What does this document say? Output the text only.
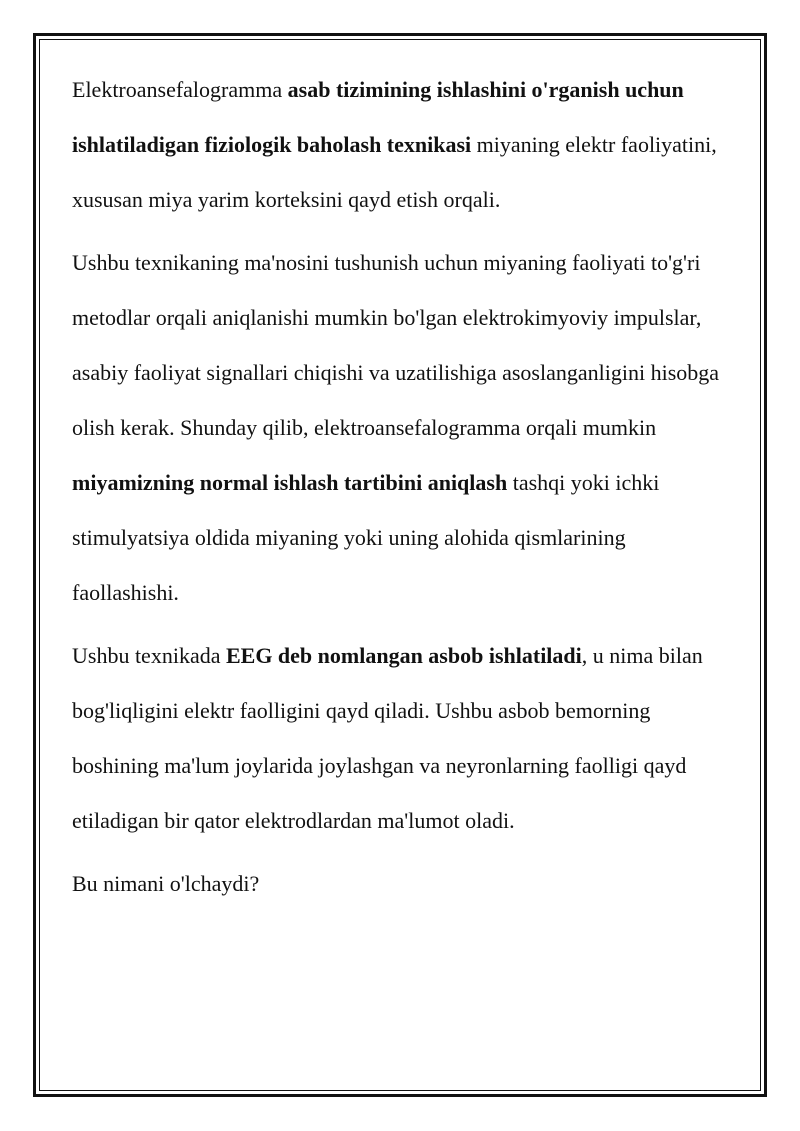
Elektroansefalogramma asab tizimining ishlashini o'rganish uchun ishlatiladigan fiziologik baholash texnikasi miyaning elektr faoliyatini, xususan miya yarim korteksini qayd etish orqali.

Ushbu texnikaning ma'nosini tushunish uchun miyaning faoliyati to'g'ri metodlar orqali aniqlanishi mumkin bo'lgan elektrokimyoviy impulslar, asabiy faoliyat signallari chiqishi va uzatilishiga asoslanganligini hisobga olish kerak. Shunday qilib, elektroansefalogramma orqali mumkin miyamizning normal ishlash tartibini aniqlash tashqi yoki ichki stimulyatsiya oldida miyaning yoki uning alohida qismlarining faollashishi.

Ushbu texnikada EEG deb nomlangan asbob ishlatiladi, u nima bilan bog'liqligini elektr faolligini qayd qiladi. Ushbu asbob bemorning boshining ma'lum joylarida joylashgan va neyronlarning faolligi qayd etiladigan bir qator elektrodlardan ma'lumot oladi.

Bu nimani o'lchaydi?
